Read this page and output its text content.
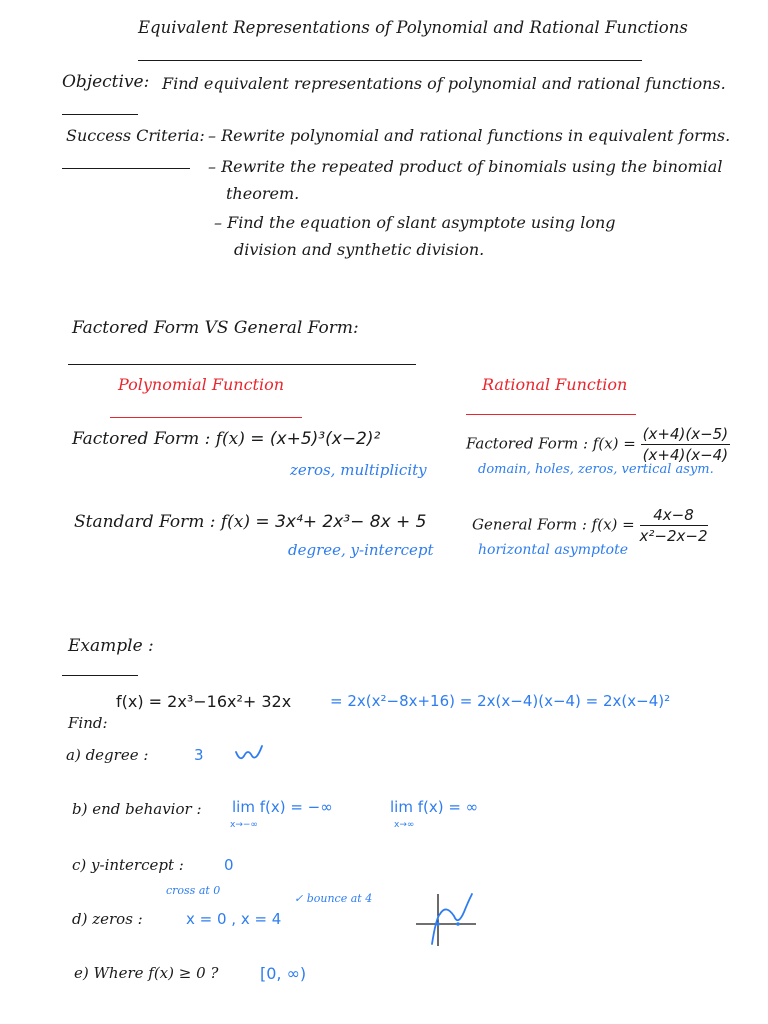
Equivalent Representations of Polynomial and Rational Functions
Objective: Find equivalent representations of polynomial and rational functions.
Success Criteria: – Rewrite polynomial and rational functions in equivalent forms.
– Rewrite the repeated product of binomials using the binomial
theorem.
– Find the equation of slant asymptote using long
division and synthetic division.
Factored Form VS General Form:
Polynomial Function	Rational Function
Factored Form : f(x) = (x+5)³(x−2)²
zeros, multiplicity
Factored Form : $f(x) = \frac{(x+4)(x-5)}{(x+4)(x-4)}$
domain, holes, zeros, vertical asym.
Standard Form : f(x) = 3x⁴+ 2x³− 8x + 5
degree, y-intercept
General Form : $f(x) = \frac{4x-8}{\text{x²−2x−2}}$
horizontal asymptote
Example :
f(x) = 2x³−16x²+ 32x	= 2x(x²−8x+16) = 2x(x−4)(x−4) = 2x(x−4)²
Find:
a) degree :	3
b) end behavior : lim f(x) = −∞
x→−∞
lim f(x) = ∞
x→∞
c) y-intercept :	0
cross at 0
✓ bounce at 4
d) zeros :	x = 0 , x = 4
e) Where f(x) ≥ 0 ?	[0, ∞)
